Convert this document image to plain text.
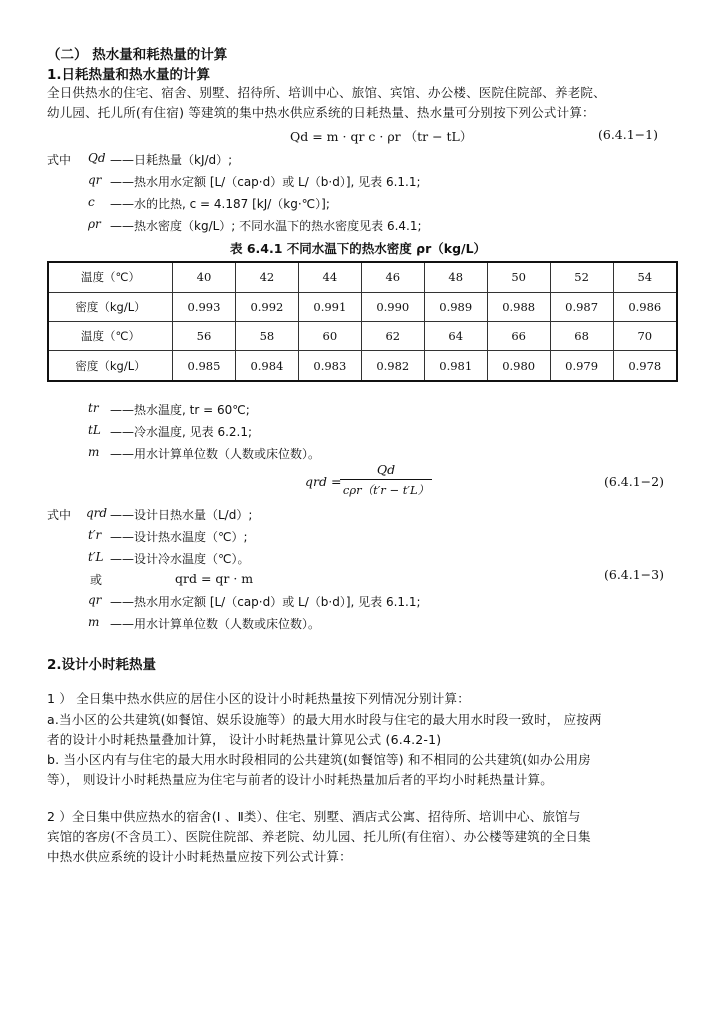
（二） 热水量和耗热量的计算
1.日耗热量和热水量的计算
全日供热水的住宅、宿舍、别墅、招待所、培训中心、旅馆、宾馆、办公楼、医院住院部、养老院、
幼儿园、托儿所(有住宿) 等建筑的集中热水供应系统的日耗热量、热水量可分别按下列公式计算：
Qd = m · qr c · ρr （tr − tL）	(6.4.1−1)
式中 Qd ——日耗热量（kJ/d）;
qr ——热水用水定额 [L/（cap·d）或 L/（b·d）], 见表 6.1.1;
c ——水的比热, c = 4.187 [kJ/（kg·℃）];
ρr ——热水密度（kg/L）; 不同水温下的热水密度见表 6.4.1;
表 6.4.1 不同水温下的热水密度 ρr（kg/L）
温度（℃）	40	42	44	46	48	50	52	54
密度（kg/L）	0.993	0.992	0.991	0.990	0.989	0.988	0.987	0.986
温度（℃）	56	58	60	62	64	66	68	70
密度（kg/L）	0.985	0.984	0.983	0.982	0.981	0.980	0.979	0.978
tr ——热水温度, tr = 60℃;
tL ——冷水温度, 见表 6.2.1;
m ——用水计算单位数（人数或床位数）。
qrd =
Qd
cρr（t′r − t′L）
(6.4.1−2)
式中 qrd ——设计日热水量（L/d）;
t′r ——设计热水温度（℃）;
t′L ——设计冷水温度（℃）。
或	qrd = qr · m	(6.4.1−3)
qr ——热水用水定额 [L/（cap·d）或 L/（b·d）], 见表 6.1.1;
m ——用水计算单位数（人数或床位数）。
2.设计小时耗热量
1 ） 全日集中热水供应的居住小区的设计小时耗热量按下列情况分别计算：
a.当小区的公共建筑(如餐馆、娱乐设施等）的最大用水时段与住宅的最大用水时段一致时， 应按两
者的设计小时耗热量叠加计算， 设计小时耗热量计算见公式 (6.4.2-1)
b. 当小区内有与住宅的最大用水时段相同的公共建筑(如餐馆等) 和不相同的公共建筑(如办公用房
等）， 则设计小时耗热量应为住宅与前者的设计小时耗热量加后者的平均小时耗热量计算。
2 ）全日集中供应热水的宿舍(Ⅰ 、Ⅱ类）、住宅、别墅、酒店式公寓、招待所、培训中心、旅馆与
宾馆的客房(不含员工）、医院住院部、养老院、幼儿园、托儿所(有住宿）、办公楼等建筑的全日集
中热水供应系统的设计小时耗热量应按下列公式计算：
